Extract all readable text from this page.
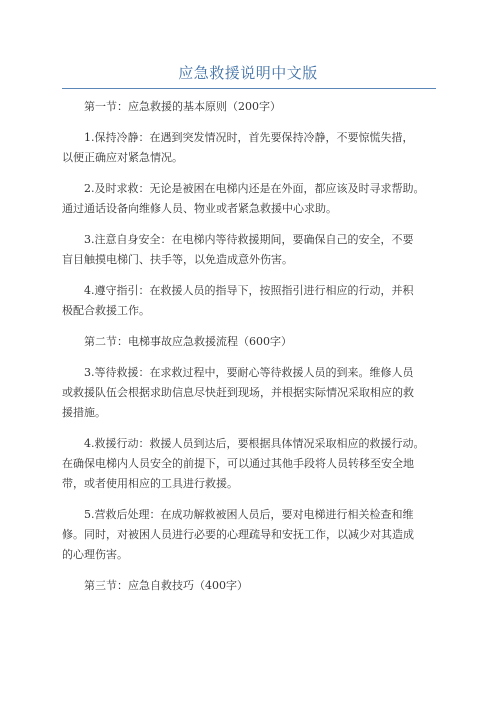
应急救援说明中文版
第一节：应急救援的基本原则（200字）
1.保持冷静：在遇到突发情况时，首先要保持冷静，不要惊慌失措，
以便正确应对紧急情况。
2.及时求救：无论是被困在电梯内还是在外面，都应该及时寻求帮助。
通过通话设备向维修人员、物业或者紧急救援中心求助。
3.注意自身安全：在电梯内等待救援期间，要确保自己的安全，不要
盲目触摸电梯门、扶手等，以免造成意外伤害。
4.遵守指引：在救援人员的指导下，按照指引进行相应的行动，并积
极配合救援工作。
第二节：电梯事故应急救援流程（600字）
3.等待救援：在求救过程中，要耐心等待救援人员的到来。维修人员
或救援队伍会根据求助信息尽快赶到现场，并根据实际情况采取相应的救
援措施。
4.救援行动：救援人员到达后，要根据具体情况采取相应的救援行动。
在确保电梯内人员安全的前提下，可以通过其他手段将人员转移至安全地
带，或者使用相应的工具进行救援。
5.营救后处理：在成功解救被困人员后，要对电梯进行相关检查和维
修。同时，对被困人员进行必要的心理疏导和安抚工作，以减少对其造成
的心理伤害。
第三节：应急自救技巧（400字）
